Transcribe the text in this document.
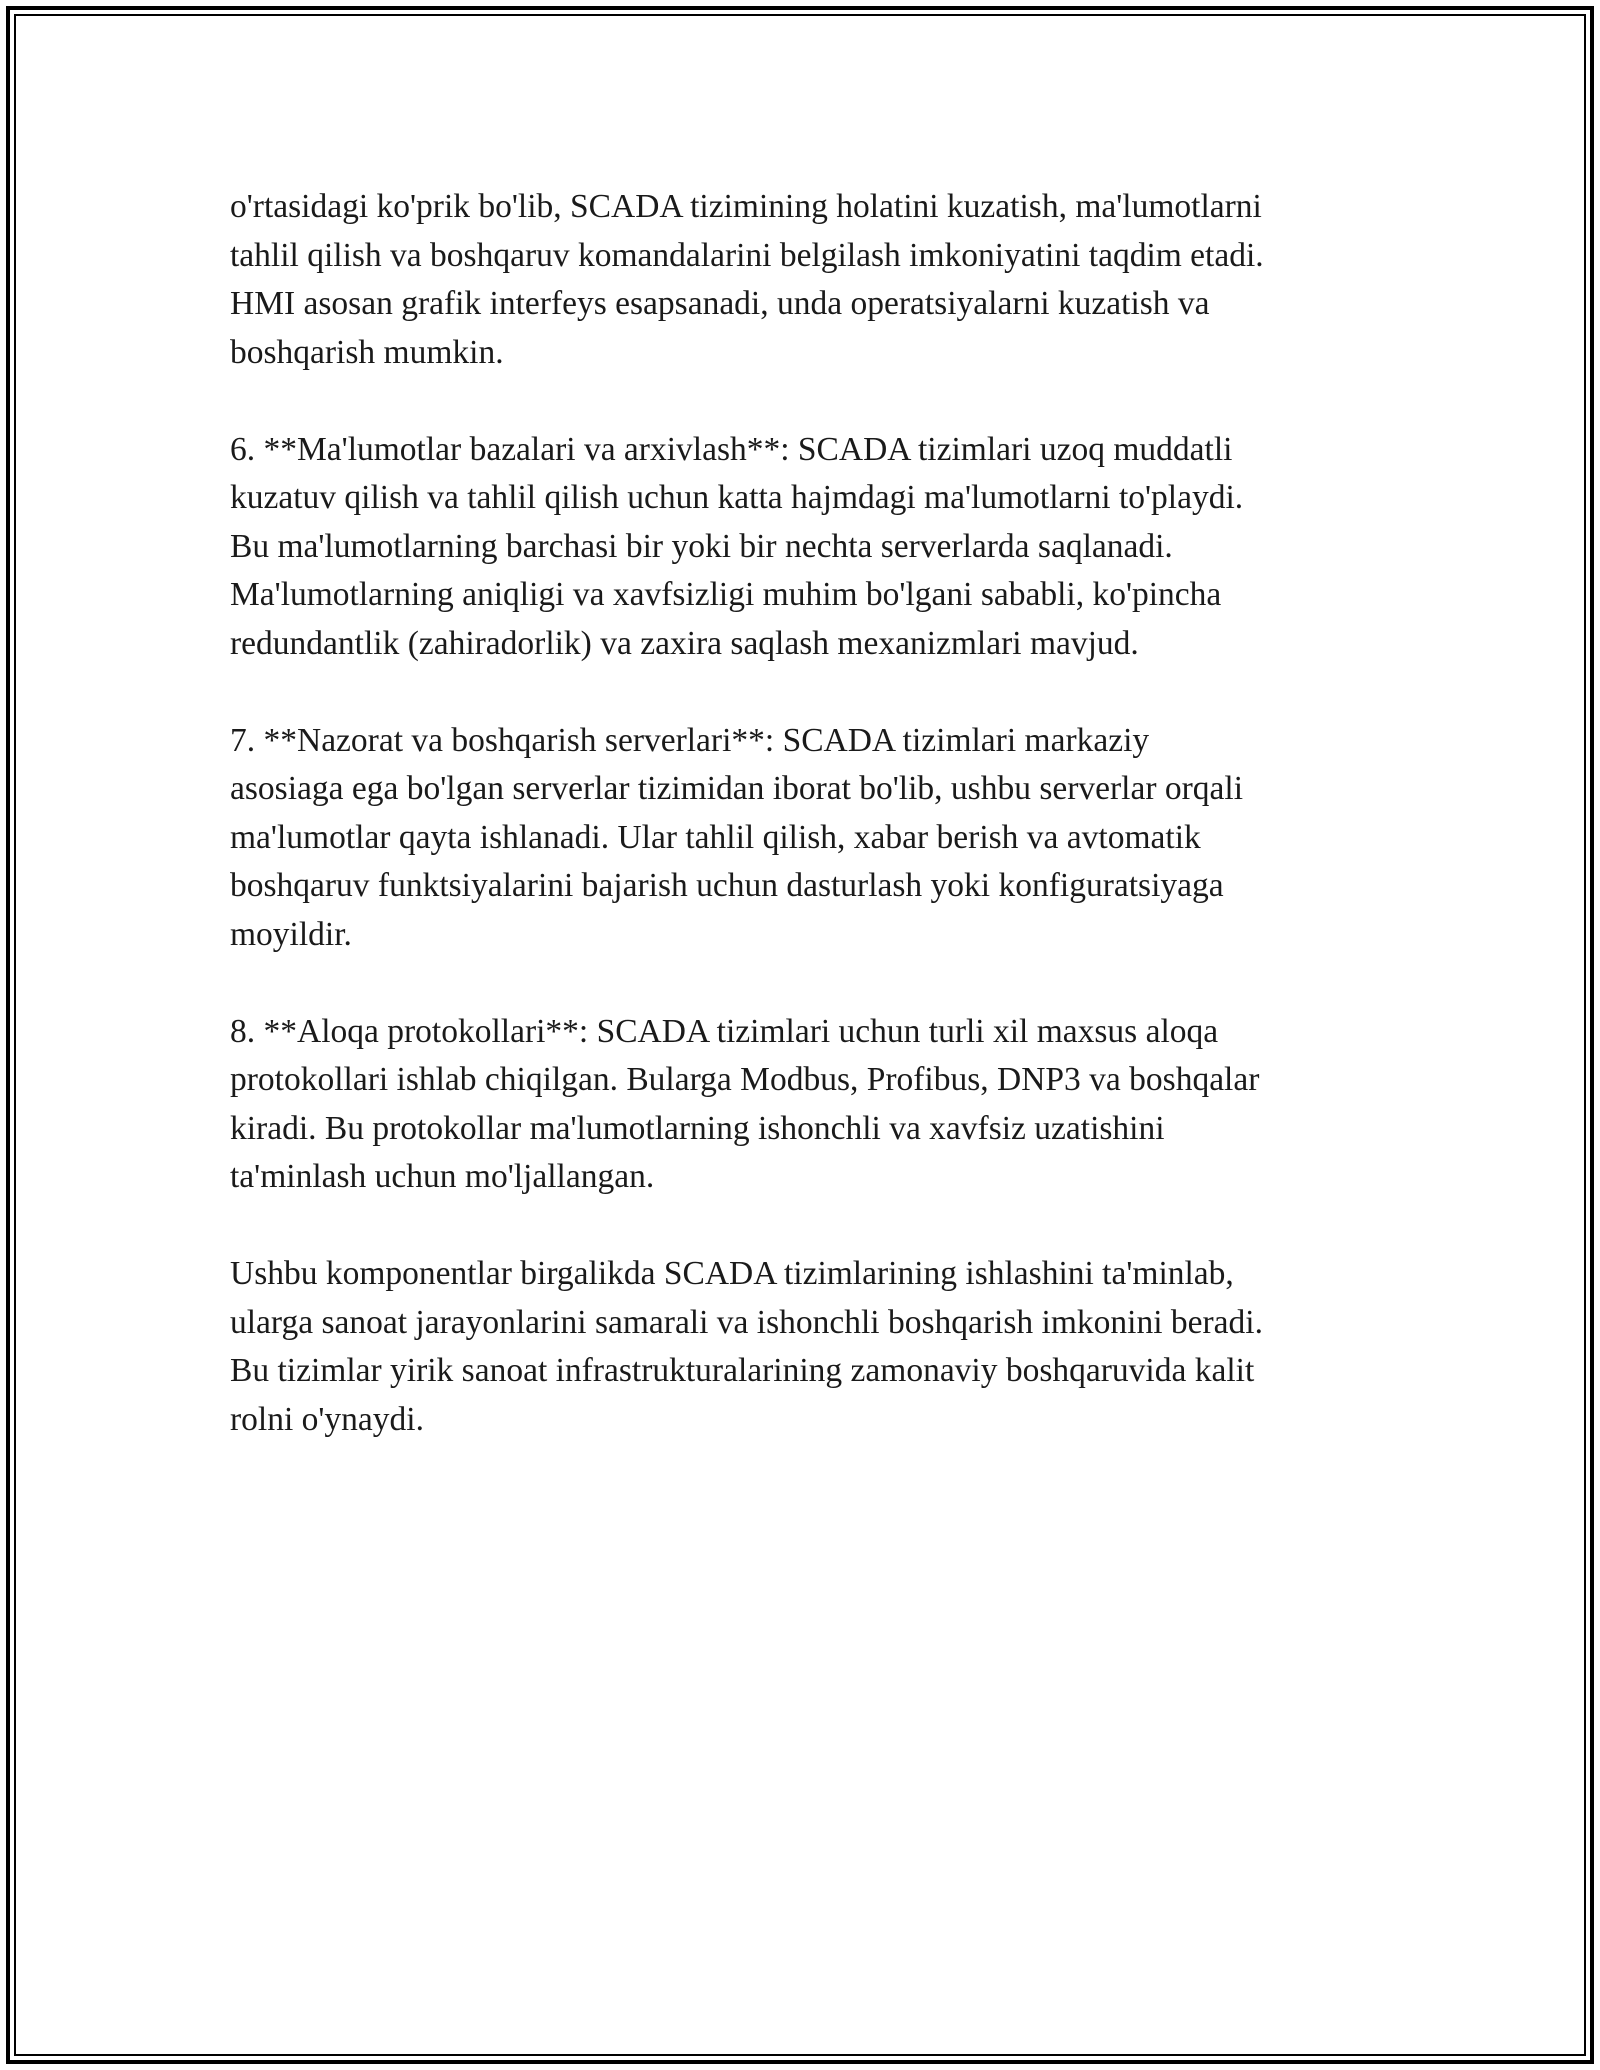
o'rtasidagi ko'prik bo'lib, SCADA tizimining holatini kuzatish, ma'lumotlarni
tahlil qilish va boshqaruv komandalarini belgilash imkoniyatini taqdim etadi.
HMI asosan grafik interfeys esapsanadi, unda operatsiyalarni kuzatish va
boshqarish mumkin.

6. **Ma'lumotlar bazalari va arxivlash**: SCADA tizimlari uzoq muddatli
kuzatuv qilish va tahlil qilish uchun katta hajmdagi ma'lumotlarni to'playdi.
Bu ma'lumotlarning barchasi bir yoki bir nechta serverlarda saqlanadi.
Ma'lumotlarning aniqligi va xavfsizligi muhim bo'lgani sababli, ko'pincha
redundantlik (zahiradorlik) va zaxira saqlash mexanizmlari mavjud.

7. **Nazorat va boshqarish serverlari**: SCADA tizimlari markaziy
asosiaga ega bo'lgan serverlar tizimidan iborat bo'lib, ushbu serverlar orqali
ma'lumotlar qayta ishlanadi. Ular tahlil qilish, xabar berish va avtomatik
boshqaruv funktsiyalarini bajarish uchun dasturlash yoki konfiguratsiyaga
moyildir.

8. **Aloqa protokollari**: SCADA tizimlari uchun turli xil maxsus aloqa
protokollari ishlab chiqilgan. Bularga Modbus, Profibus, DNP3 va boshqalar
kiradi. Bu protokollar ma'lumotlarning ishonchli va xavfsiz uzatishini
ta'minlash uchun mo'ljallangan.

Ushbu komponentlar birgalikda SCADA tizimlarining ishlashini ta'minlab,
ularga sanoat jarayonlarini samarali va ishonchli boshqarish imkonini beradi.
Bu tizimlar yirik sanoat infrastrukturalarining zamonaviy boshqaruvida kalit
rolni o'ynaydi.
